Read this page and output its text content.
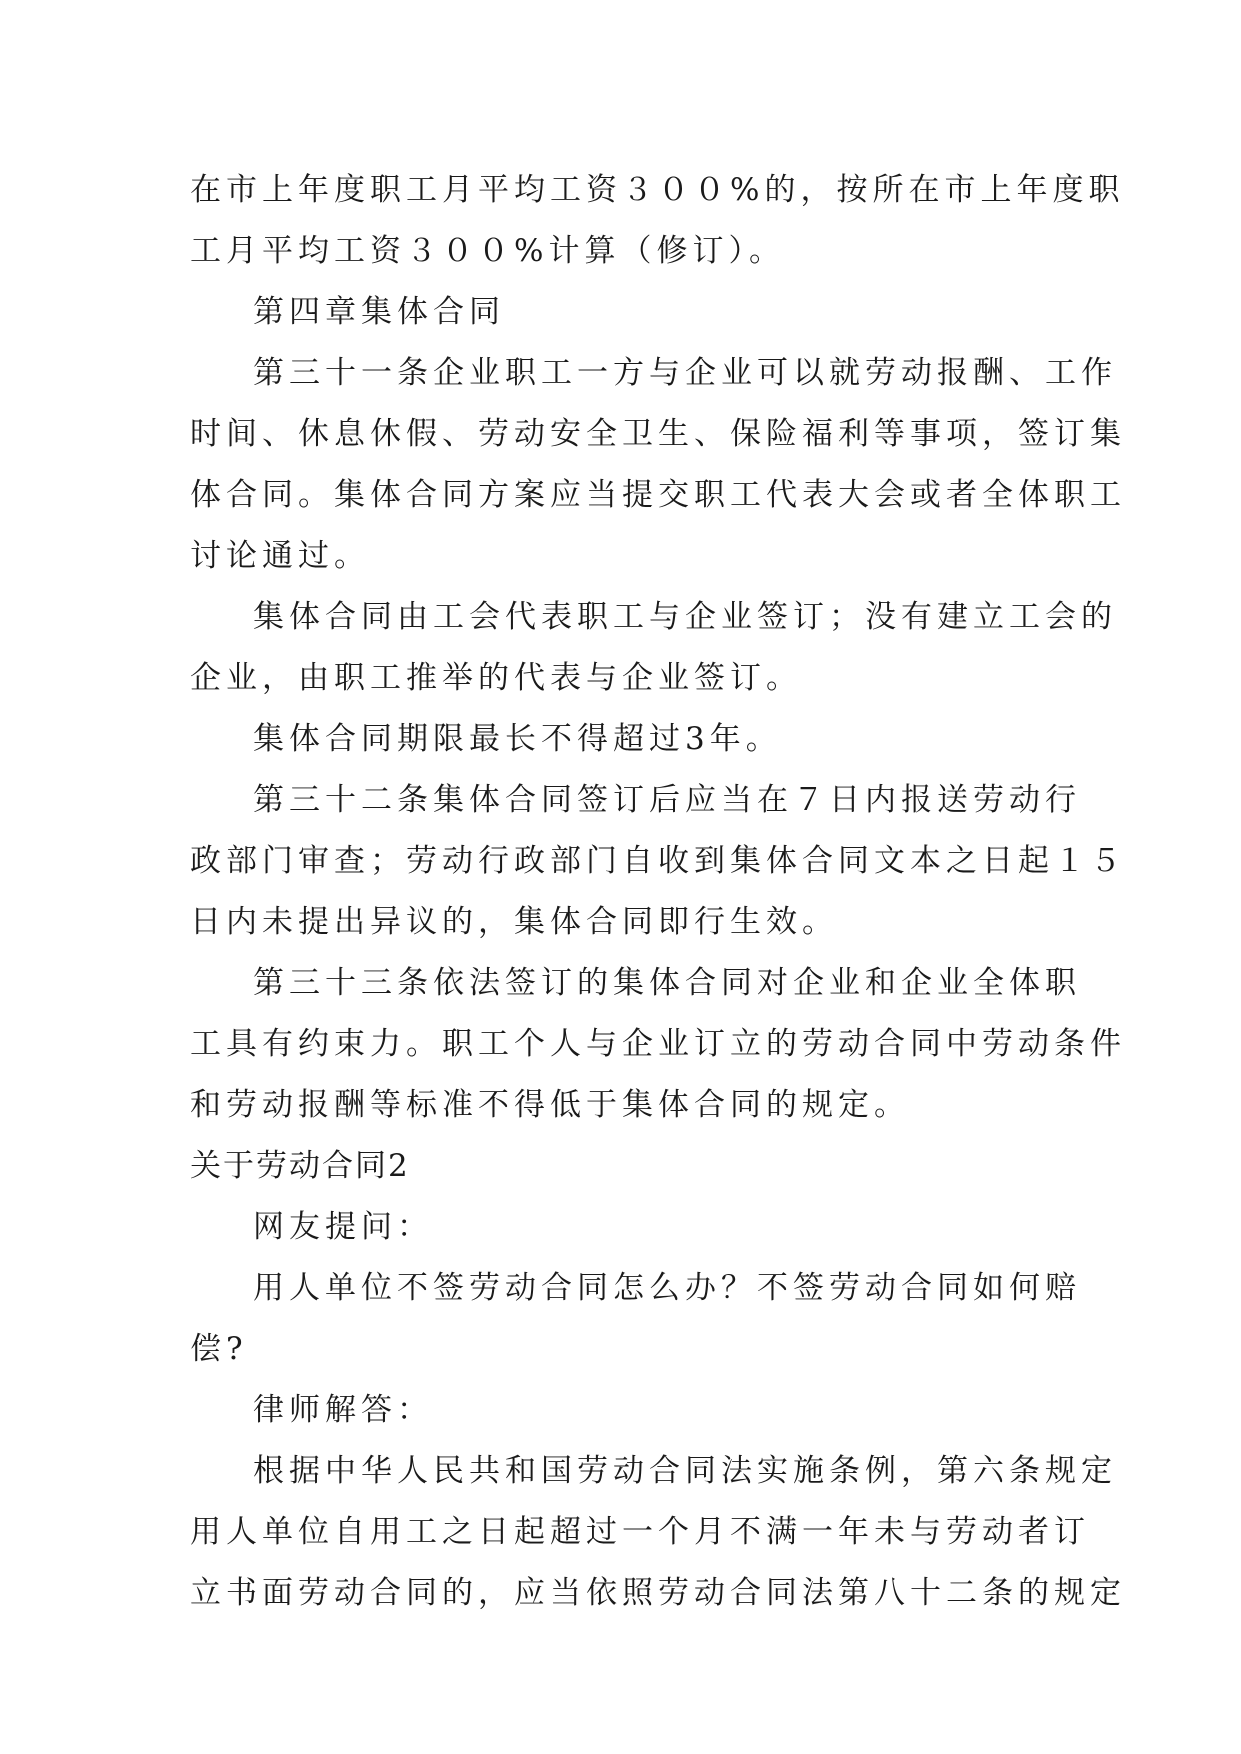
在市上年度职工月平均工资３００%的，按所在市上年度职
工月平均工资３００%计算（修订）。
第四章集体合同
第三十一条企业职工一方与企业可以就劳动报酬、工作
时间、休息休假、劳动安全卫生、保险福利等事项，签订集
体合同。集体合同方案应当提交职工代表大会或者全体职工
讨论通过。
集体合同由工会代表职工与企业签订；没有建立工会的
企业，由职工推举的代表与企业签订。
集体合同期限最长不得超过3年。
第三十二条集体合同签订后应当在７日内报送劳动行
政部门审查；劳动行政部门自收到集体合同文本之日起１５
日内未提出异议的，集体合同即行生效。
第三十三条依法签订的集体合同对企业和企业全体职
工具有约束力。职工个人与企业订立的劳动合同中劳动条件
和劳动报酬等标准不得低于集体合同的规定。
关于劳动合同2
网友提问：
用人单位不签劳动合同怎么办？不签劳动合同如何赔
偿?
律师解答：
根据中华人民共和国劳动合同法实施条例，第六条规定
用人单位自用工之日起超过一个月不满一年未与劳动者订
立书面劳动合同的，应当依照劳动合同法第八十二条的规定
